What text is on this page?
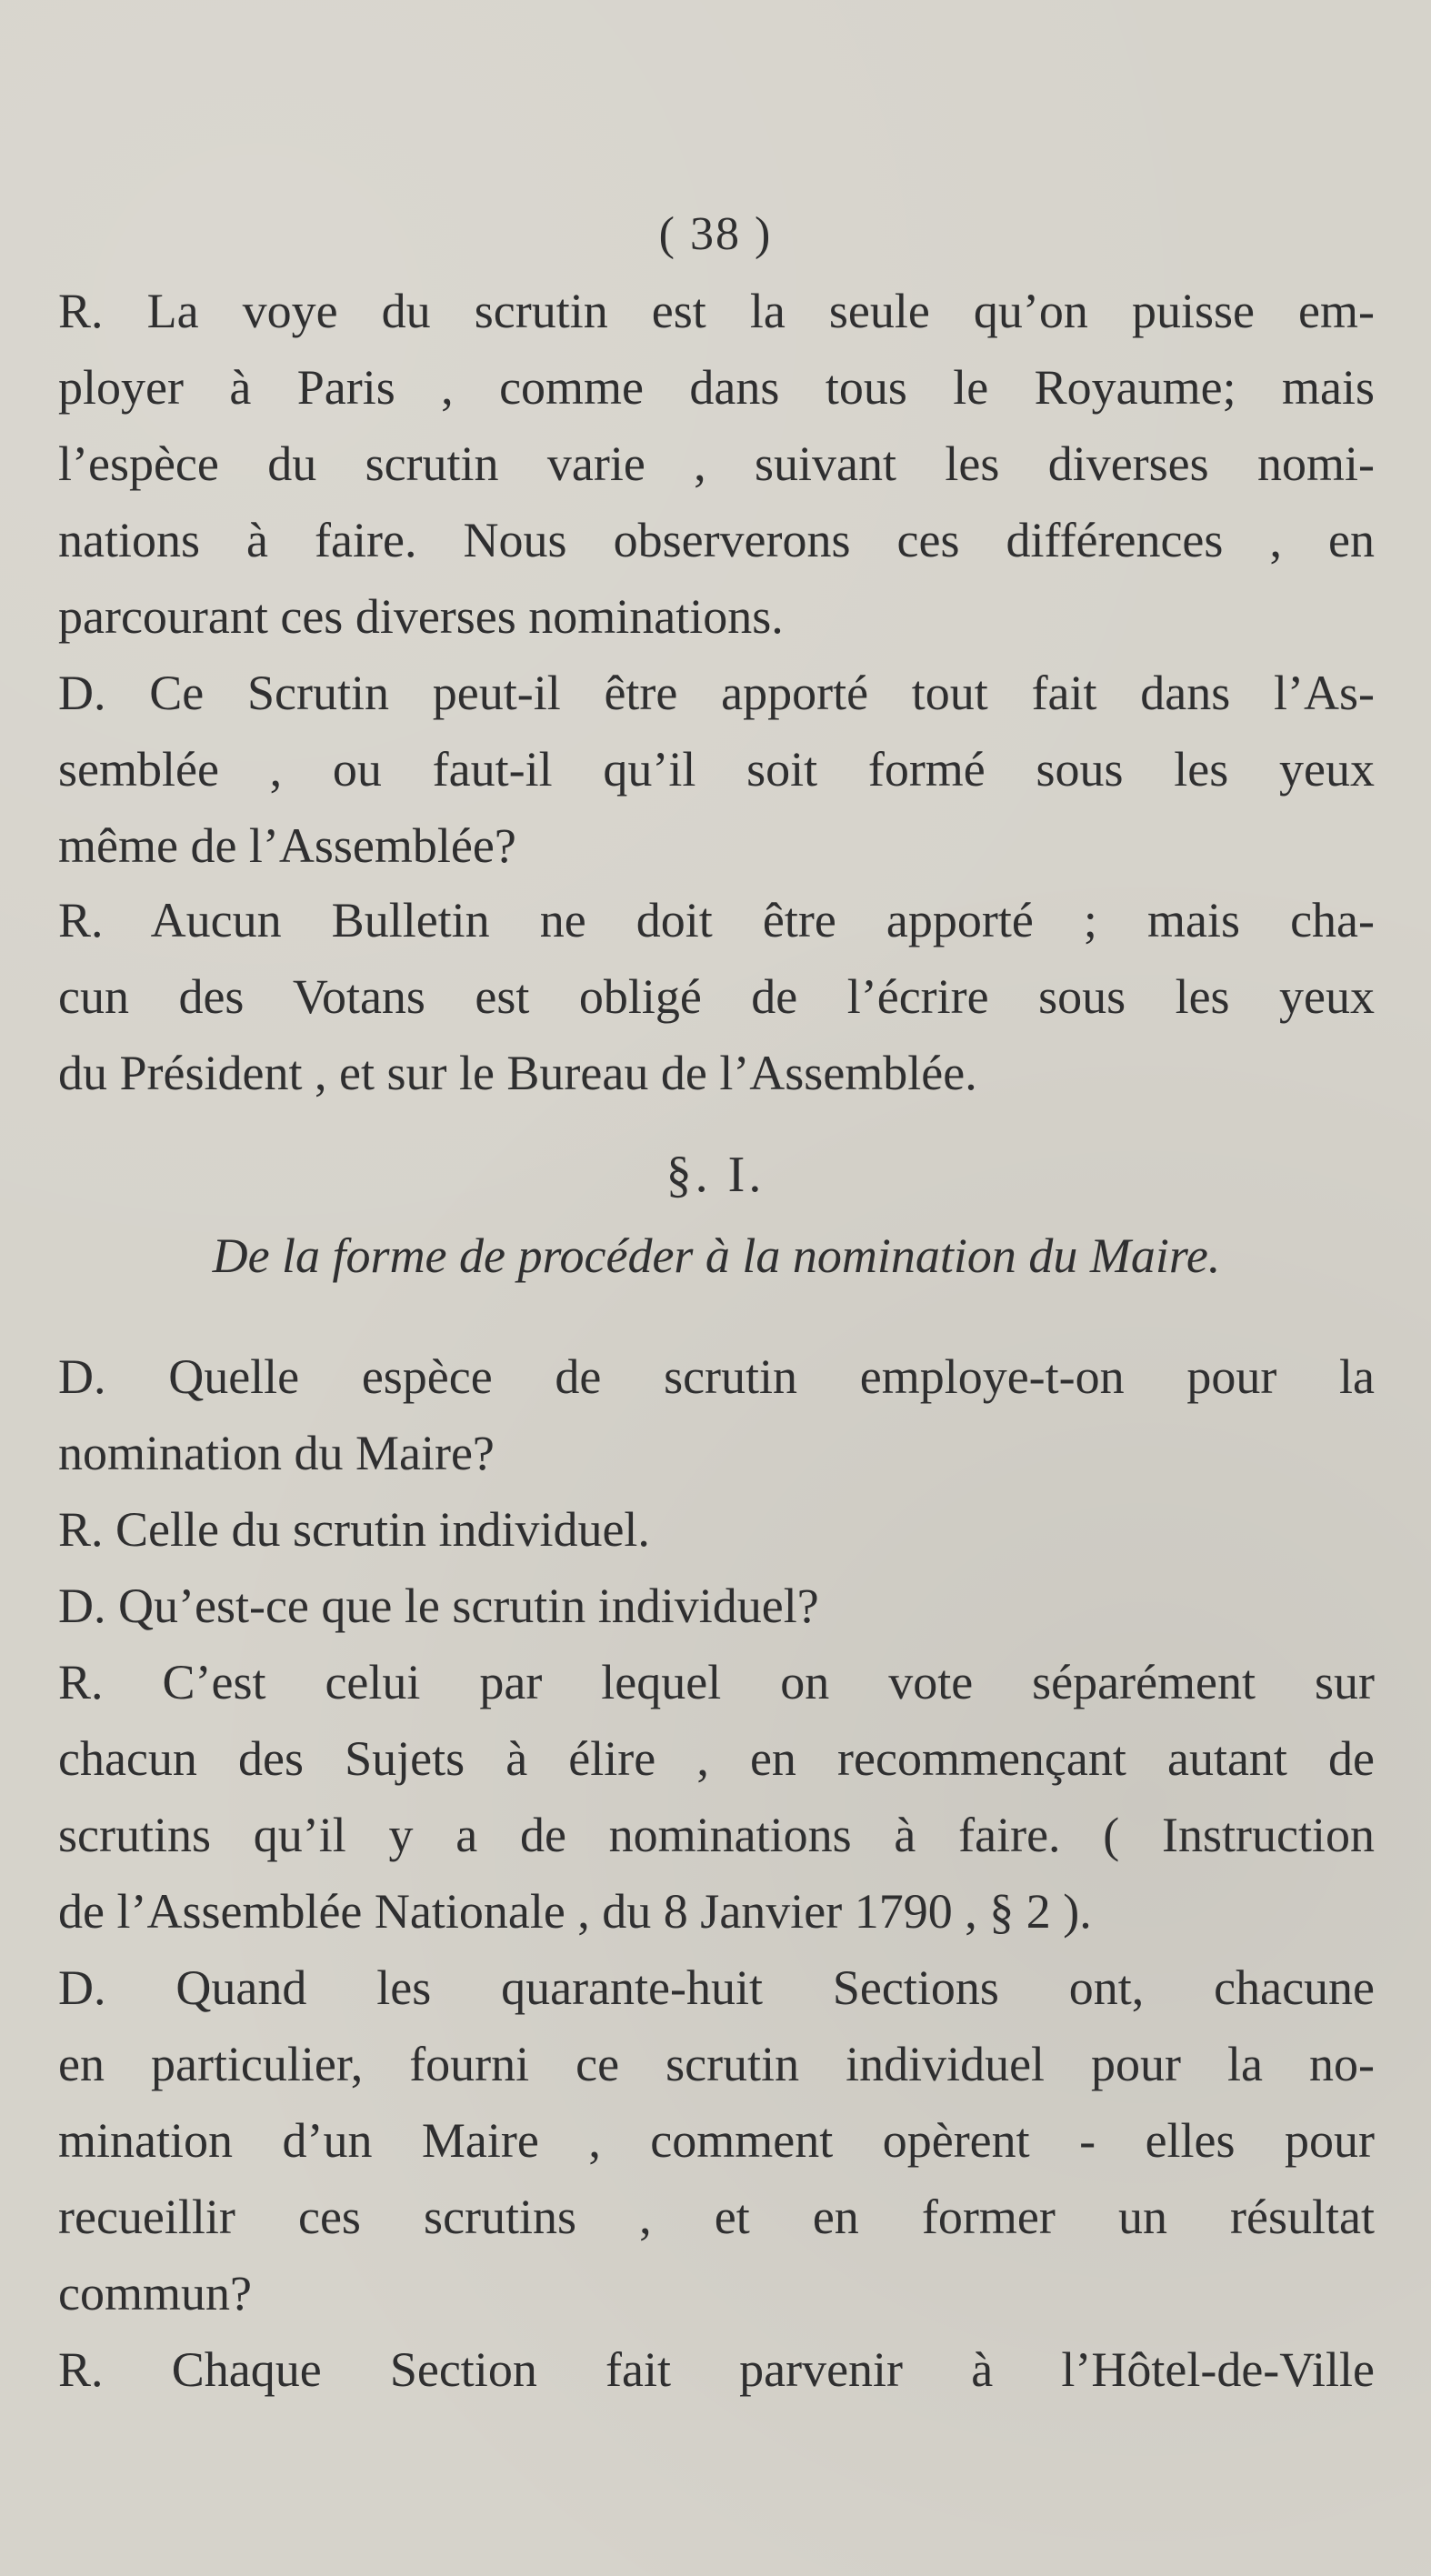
( 38 )
R. La voye du scrutin est la seule qu’on puisse em-
ployer à Paris , comme dans tous le Royaume; mais
l’espèce du scrutin varie , suivant les diverses nomi-
nations à faire. Nous observerons ces différences , en
parcourant ces diverses nominations.
D. Ce Scrutin peut-il être apporté tout fait dans l’As-
semblée , ou faut-il qu’il soit formé sous les yeux
même de l’Assemblée?
R. Aucun Bulletin ne doit être apporté ; mais cha-
cun des Votans est obligé de l’écrire sous les yeux
du Président , et sur le Bureau de l’Assemblée.
§. I.
De la forme de procéder à la nomination du Maire.
D. Quelle espèce de scrutin employe-t-on pour la
nomination du Maire?
R. Celle du scrutin individuel.
D. Qu’est-ce que le scrutin individuel?
R. C’est celui par lequel on vote séparément sur
chacun des Sujets à élire , en recommençant autant de
scrutins qu’il y a de nominations à faire. ( Instruction
de l’Assemblée Nationale , du 8 Janvier 1790 , § 2 ).
D. Quand les quarante-huit Sections ont, chacune
en particulier, fourni ce scrutin individuel pour la no-
mination d’un Maire , comment opèrent - elles pour
recueillir ces scrutins , et en former un résultat
commun?
R. Chaque Section fait parvenir à l’Hôtel-de-Ville
